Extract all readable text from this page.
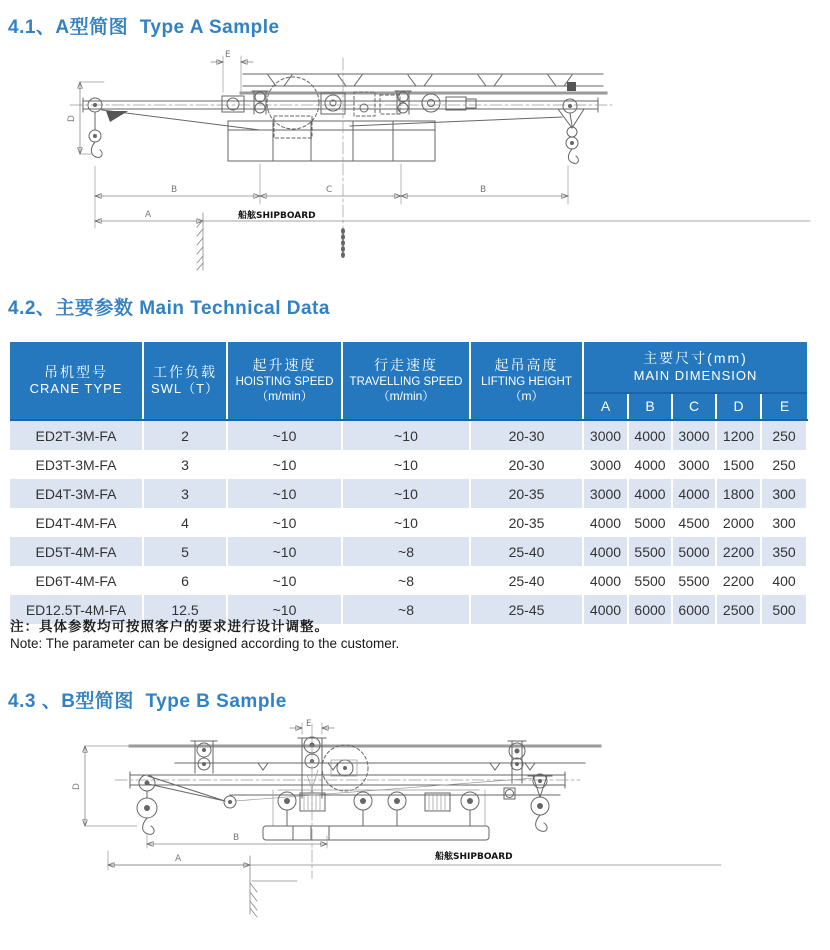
4.1、A型简图  Type A Sample
E
D
B	C	B
A	船舷SHIPBOARD
4.2、主要参数 Main Technical Data
吊机型号
CRANE TYPE

工作负载
SWL（T）

起升速度
HOISTING SPEED
（m/min）

行走速度
TRAVELLING SPEED
（m/min）

起吊高度
LIFTING HEIGHT
（m）

主要尺寸(mm)
MAIN DIMENSION

					A	B	C	D	E
ED2T-3M-FA	2	~10	~10	20-30	3000	4000	3000	1200	250
ED3T-3M-FA	3	~10	~10	20-30	3000	4000	3000	1500	250
ED4T-3M-FA	3	~10	~10	20-35	3000	4000	4000	1800	300
ED4T-4M-FA	4	~10	~10	20-35	4000	5000	4500	2000	300
ED5T-4M-FA	5	~10	~8	25-40	4000	5500	5000	2200	350
ED6T-4M-FA	6	~10	~8	25-40	4000	5500	5500	2200	400
ED12.5T-4M-FA	12.5	~10	~8	25-45	4000	6000	6000	2500	500
注：具体参数均可按照客户的要求进行设计调整。
Note: The parameter can be designed according to the customer.
4.3 、B型简图  Type B Sample
E
D
B
A	船舷SHIPBOARD
